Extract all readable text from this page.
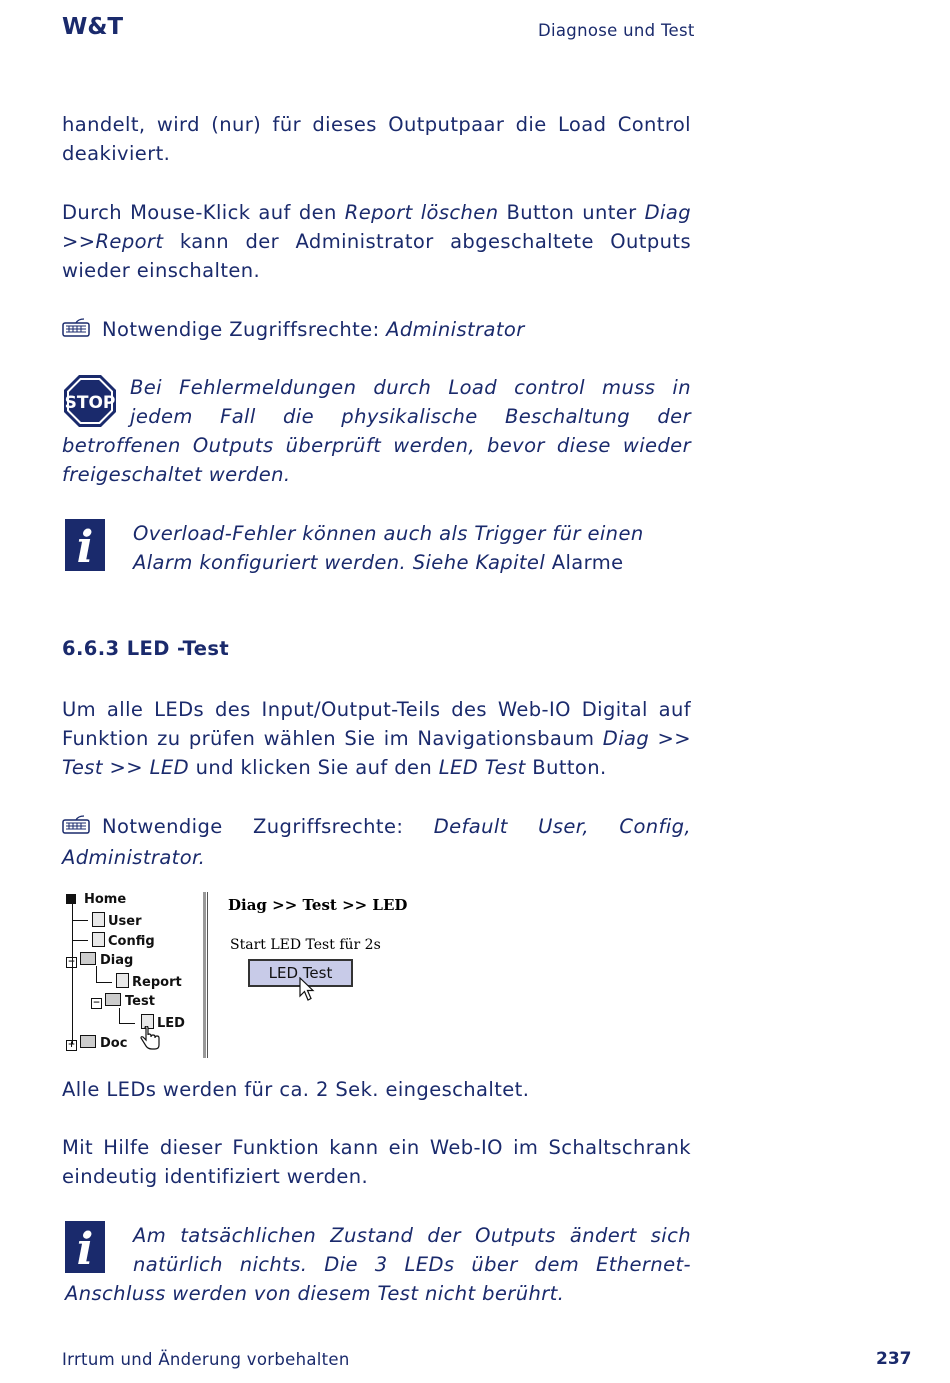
W&T	Diagnose und Test

handelt, wird (nur) für dieses Outputpaar die Load Control deakiviert.

Durch Mouse-Klick auf den Report löschen Button unter Diag >>Report kann der Administrator abgeschaltete Outputs wieder einschalten.

Notwendige Zugriffsrechte: Administrator

STOP

Bei Fehlermeldungen durch Load control muss in jedem Fall die physikalische Beschaltung der betroffenen Outputs überprüft werden, bevor diese wieder freigeschaltet werden.

i	Overload-Fehler können auch als Trigger für einen Alarm konfiguriert werden. Siehe Kapitel Alarme

6.6.3 LED -Test

Um alle LEDs des Input/Output-Teils des Web-IO Digital auf Funktion zu prüfen wählen Sie im Navigationsbaum Diag >> Test >> LED und klicken Sie auf den LED Test Button.

Notwendige Zugriffsrechte: Default User, Config, Administrator.

Home
User
Config
− Diag
Report
− Test
LED
+ Doc
Diag >> Test >> LED
Start LED Test für 2s
LED Test

Alle LEDs werden für ca. 2 Sek. eingeschaltet.

Mit Hilfe dieser Funktion kann ein Web-IO im Schaltschrank eindeutig identifiziert werden.

i	Am tatsächlichen Zustand der Outputs ändert sich natürlich nichts. Die 3 LEDs über dem Ethernet-Anschluss werden von diesem Test nicht berührt.

Irrtum und Änderung vorbehalten	237
